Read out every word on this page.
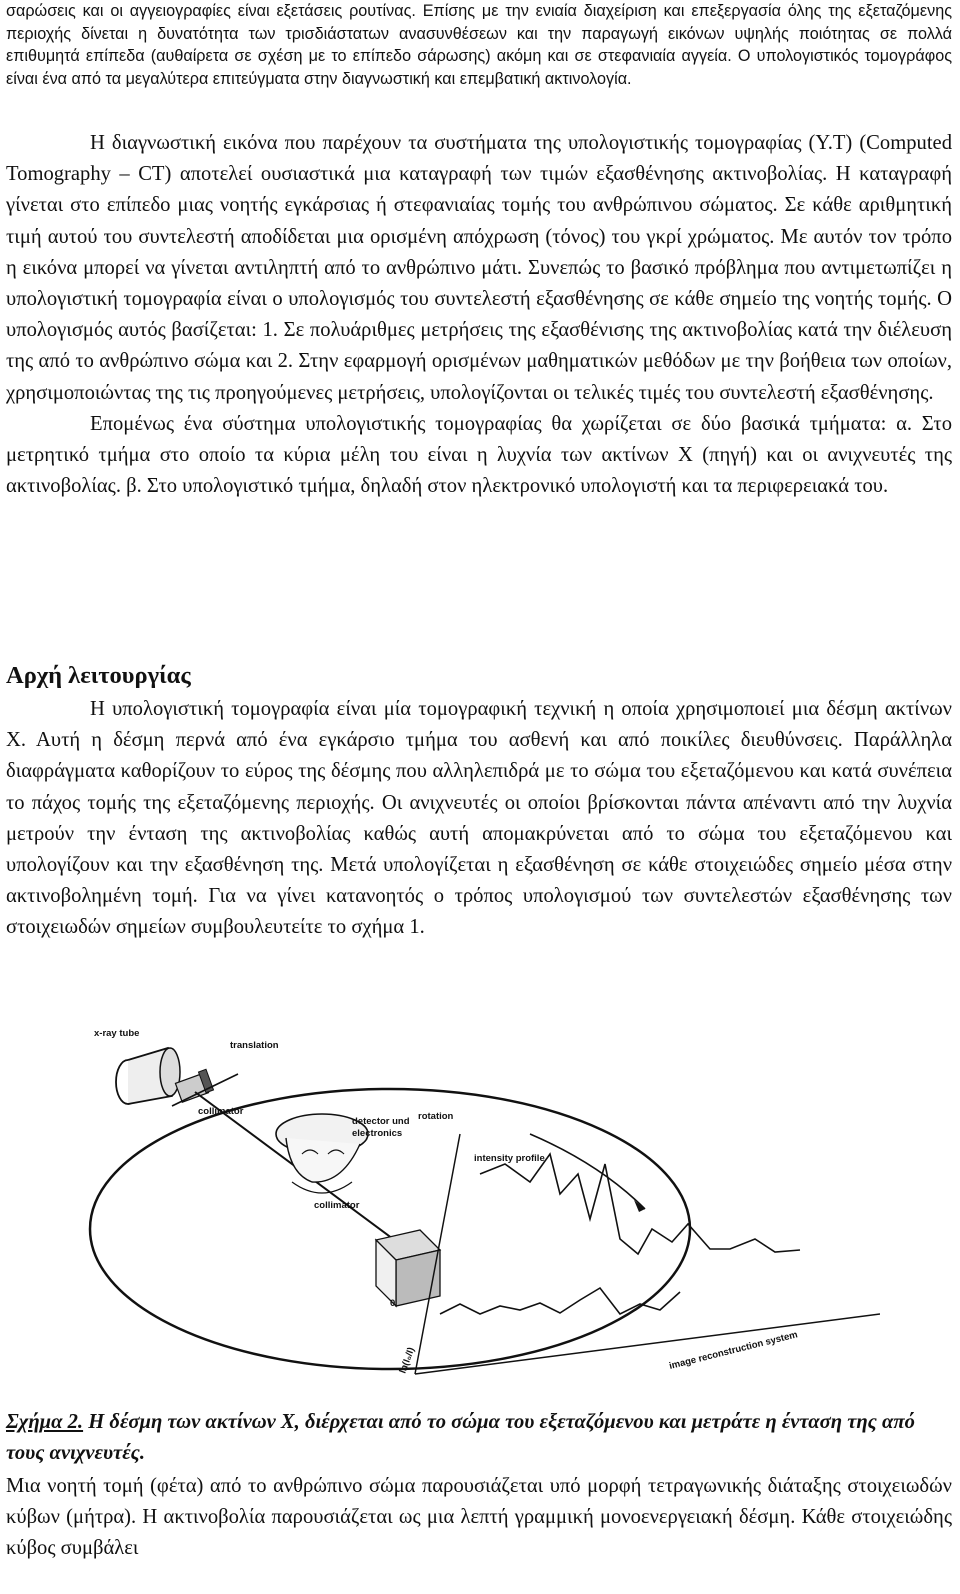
σαρώσεις και οι αγγειογραφίες είναι εξετάσεις ρουτίνας. Επίσης με την ενιαία διαχείριση και επεξεργασία όλης της εξεταζόμενης περιοχής δίνεται η δυνατότητα των τρισδιάστατων ανασυνθέσεων και την παραγωγή εικόνων υψηλής ποιότητας σε πολλά επιθυμητά επίπεδα (αυθαίρετα σε σχέση με το επίπεδο σάρωσης) ακόμη και σε στεφανιαία αγγεία. Ο υπολογιστικός τομογράφος είναι ένα από τα μεγαλύτερα επιτεύγματα στην διαγνωστική και επεμβατική ακτινολογία.

Η διαγνωστική εικόνα που παρέχουν τα συστήματα της υπολογιστικής τομογραφίας (Υ.Τ) (Computed Tomography – CT) αποτελεί ουσιαστικά μια καταγραφή των τιμών εξασθένησης ακτινοβολίας. Η καταγραφή γίνεται στο επίπεδο μιας νοητής εγκάρσιας ή στεφανιαίας τομής του ανθρώπινου σώματος. Σε κάθε αριθμητική τιμή αυτού του συντελεστή αποδίδεται μια ορισμένη απόχρωση (τόνος) του γκρί χρώματος. Με αυτόν τον τρόπο η εικόνα μπορεί να γίνεται αντιληπτή από το ανθρώπινο μάτι. Συνεπώς το βασικό πρόβλημα που αντιμετωπίζει η υπολογιστική τομογραφία είναι ο υπολογισμός του συντελεστή εξασθένησης σε κάθε σημείο της νοητής τομής. Ο υπολογισμός αυτός βασίζεται: 1. Σε πολυάριθμες μετρήσεις της εξασθένισης της ακτινοβολίας κατά την διέλευση της από το ανθρώπινο σώμα και 2. Στην εφαρμογή ορισμένων μαθηματικών μεθόδων με την βοήθεια των οποίων, χρησιμοποιώντας της τις προηγούμενες μετρήσεις, υπολογίζονται οι τελικές τιμές του συντελεστή εξασθένησης.

Επομένως ένα σύστημα υπολογιστικής τομογραφίας θα χωρίζεται σε δύο βασικά τμήματα: α. Στο μετρητικό τμήμα στο οποίο τα κύρια μέλη του είναι η λυχνία των ακτίνων Χ (πηγή) και οι ανιχνευτές της ακτινοβολίας. β. Στο υπολογιστικό τμήμα, δηλαδή στον ηλεκτρονικό υπολογιστή και τα περιφερειακά του.

Αρχή λειτουργίας

Η υπολογιστική τομογραφία είναι μία τομογραφική τεχνική η οποία χρησιμοποιεί μια δέσμη ακτίνων Χ. Αυτή η δέσμη περνά από ένα εγκάρσιο τμήμα του ασθενή και από ποικίλες διευθύνσεις. Παράλληλα διαφράγματα καθορίζουν το εύρος της δέσμης που αλληλεπιδρά με το σώμα του εξεταζόμενου και κατά συνέπεια το πάχος τομής της εξεταζόμενης περιοχής. Οι ανιχνευτές οι οποίοι βρίσκονται πάντα απέναντι από την λυχνία μετρούν την ένταση της ακτινοβολίας καθώς αυτή απομακρύνεται από το σώμα του εξεταζόμενου και υπολογίζουν και την εξασθένηση της. Μετά υπολογίζεται η εξασθένηση σε κάθε στοιχειώδες σημείο μέσα στην ακτινοβολημένη τομή. Για να γίνει κατανοητός ο τρόπος υπολογισμού των συντελεστών εξασθένησης των στοιχειωδών σημείων συμβουλευτείτε το σχήμα 1.

x-ray tube
translation
collimator	rotation
detector und
electronics
collimator
intensity profile
0
ln(I₀/I)	image reconstruction system
Σχήμα 2. Η δέσμη των ακτίνων Χ, διέρχεται από το σώμα του εξεταζόμενου και μετράτε η ένταση της από τους ανιχνευτές.

Μια νοητή τομή (φέτα) από το ανθρώπινο σώμα παρουσιάζεται υπό μορφή τετραγωνικής διάταξης στοιχειωδών κύβων (μήτρα). Η ακτινοβολία παρουσιάζεται ως μια λεπτή γραμμική μονοενεργειακή δέσμη. Κάθε στοιχειώδης κύβος συμβάλει
